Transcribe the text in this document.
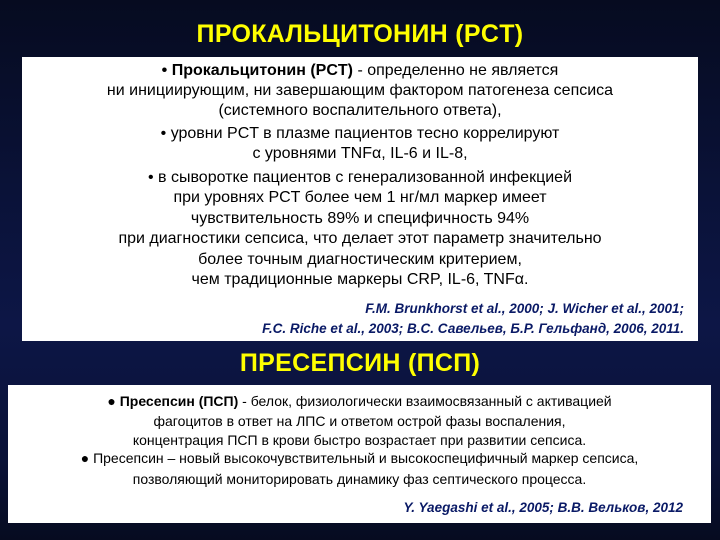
ПРОКАЛЬЦИТОНИН (PCT)
• Прокальцитонин (PCT) - определенно не является
ни инициирующим, ни завершающим фактором патогенеза сепсиса
(системного воспалительного ответа),
• уровни PCT в плазме пациентов тесно коррелируют
с уровнями TNFα, IL-6 и IL-8,
• в сыворотке пациентов с генерализованной инфекцией
при уровнях PCT более чем 1 нг/мл маркер имеет
чувствительность 89% и специфичность 94%
при диагностики сепсиса, что делает этот параметр значительно
более точным диагностическим критерием,
чем традиционные маркеры CRP, IL-6, TNFα.
F.M. Brunkhorst et al., 2000; J. Wicher et al., 2001;
F.C. Riche et al., 2003; В.С. Савельев, Б.Р. Гельфанд, 2006, 2011.
ПРЕСЕПСИН (ПСП)
● Пресепсин (ПСП) - белок, физиологически взаимосвязанный с активацией
фагоцитов в ответ на ЛПС и ответом острой фазы воспаления,
концентрация ПСП в крови быстро возрастает при развитии сепсиса.
● Пресепсин – новый высокочувствительный и высокоспецифичный маркер сепсиса,
позволяющий мониторировать динамику фаз септического процесса.
Y. Yaegashi et al., 2005; В.В. Вельков, 2012
